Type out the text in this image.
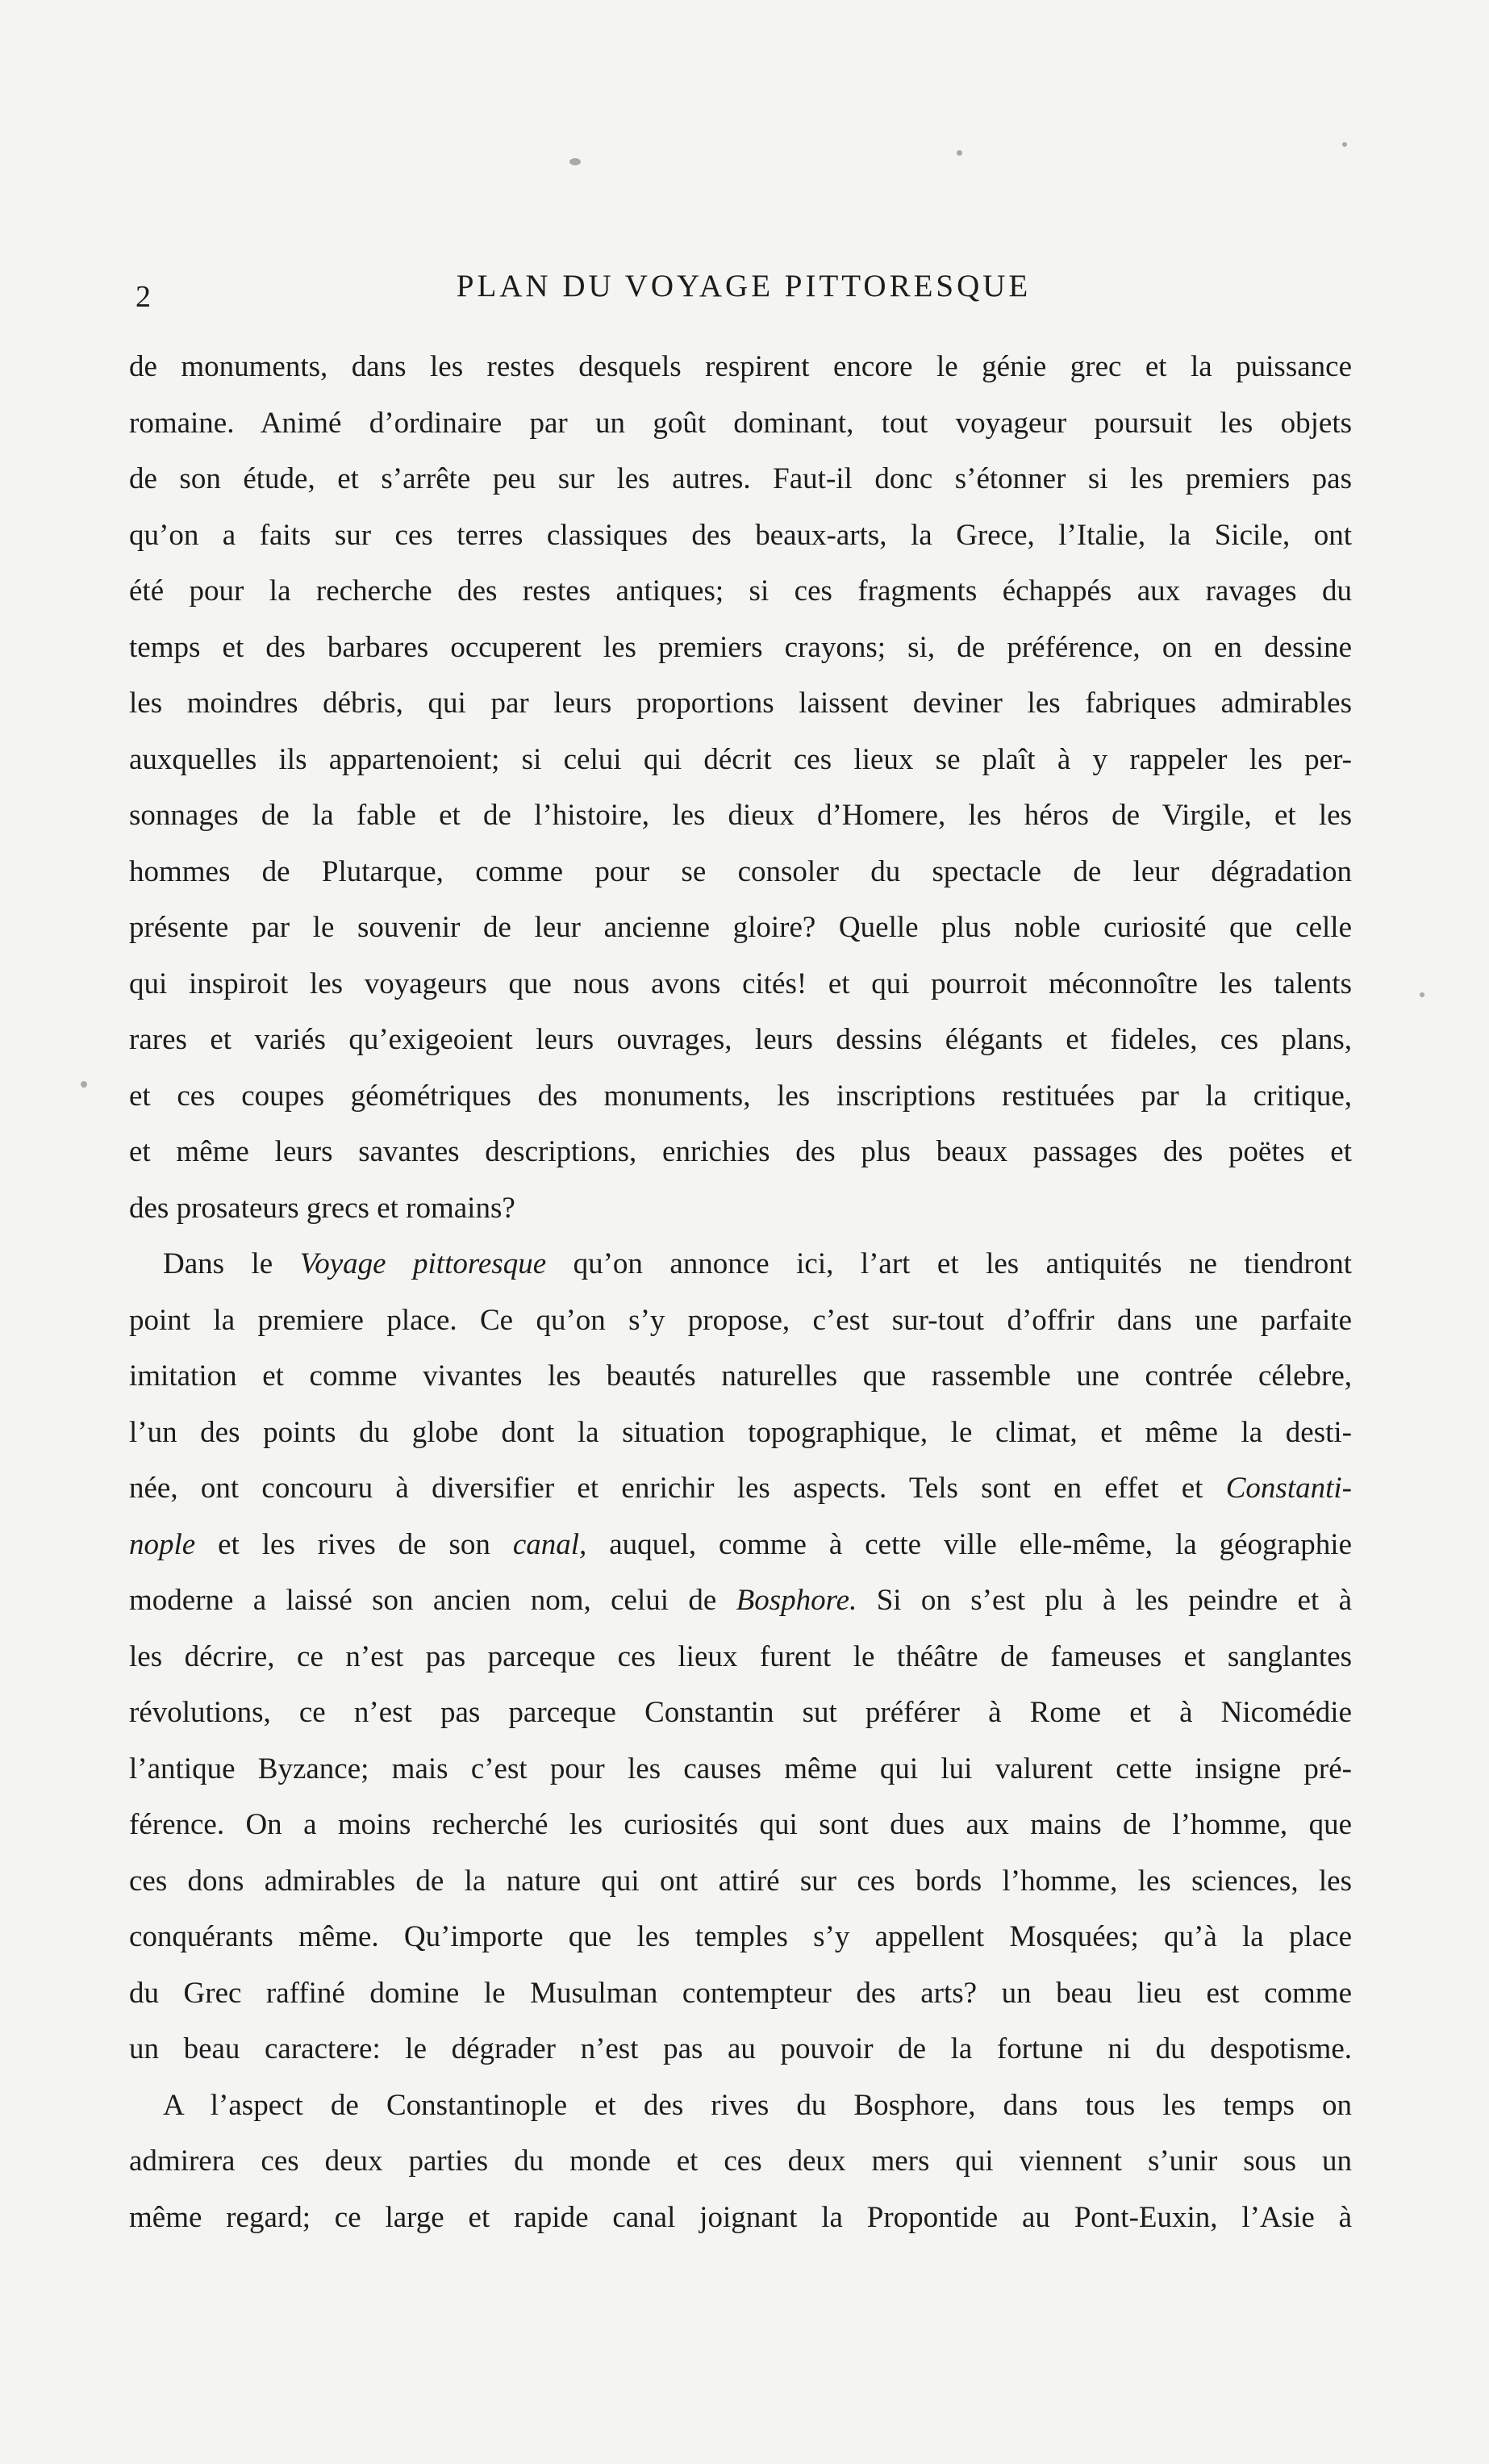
2	PLAN DU VOYAGE PITTORESQUE

de monuments, dans les restes desquels respirent encore le génie grec et la puissance
romaine. Animé d’ordinaire par un goût dominant, tout voyageur poursuit les objets
de son étude, et s’arrête peu sur les autres. Faut-il donc s’étonner si les premiers pas
qu’on a faits sur ces terres classiques des beaux-arts, la Grece, l’Italie, la Sicile, ont
été pour la recherche des restes antiques; si ces fragments échappés aux ravages du
temps et des barbares occuperent les premiers crayons; si, de préférence, on en dessine
les moindres débris, qui par leurs proportions laissent deviner les fabriques admirables
auxquelles ils appartenoient; si celui qui décrit ces lieux se plaît à y rappeler les per-
sonnages de la fable et de l’histoire, les dieux d’Homere, les héros de Virgile, et les
hommes de Plutarque, comme pour se consoler du spectacle de leur dégradation
présente par le souvenir de leur ancienne gloire? Quelle plus noble curiosité que celle
qui inspiroit les voyageurs que nous avons cités! et qui pourroit méconnoître les talents
rares et variés qu’exigeoient leurs ouvrages, leurs dessins élégants et fideles, ces plans,
et ces coupes géométriques des monuments, les inscriptions restituées par la critique,
et même leurs savantes descriptions, enrichies des plus beaux passages des poëtes et
des prosateurs grecs et romains?

Dans le Voyage pittoresque qu’on annonce ici, l’art et les antiquités ne tiendront
point la premiere place. Ce qu’on s’y propose, c’est sur-tout d’offrir dans une parfaite
imitation et comme vivantes les beautés naturelles que rassemble une contrée célebre,
l’un des points du globe dont la situation topographique, le climat, et même la desti-
née, ont concouru à diversifier et enrichir les aspects. Tels sont en effet et Constanti-
nople et les rives de son canal, auquel, comme à cette ville elle-même, la géographie
moderne a laissé son ancien nom, celui de Bosphore. Si on s’est plu à les peindre et à
les décrire, ce n’est pas parceque ces lieux furent le théâtre de fameuses et sanglantes
révolutions, ce n’est pas parceque Constantin sut préférer à Rome et à Nicomédie
l’antique Byzance; mais c’est pour les causes même qui lui valurent cette insigne pré-
férence. On a moins recherché les curiosités qui sont dues aux mains de l’homme, que
ces dons admirables de la nature qui ont attiré sur ces bords l’homme, les sciences, les
conquérants même. Qu’importe que les temples s’y appellent Mosquées; qu’à la place
du Grec raffiné domine le Musulman contempteur des arts? un beau lieu est comme
un beau caractere: le dégrader n’est pas au pouvoir de la fortune ni du despotisme.

A l’aspect de Constantinople et des rives du Bosphore, dans tous les temps on
admirera ces deux parties du monde et ces deux mers qui viennent s’unir sous un
même regard; ce large et rapide canal joignant la Propontide au Pont-Euxin, l’Asie à
